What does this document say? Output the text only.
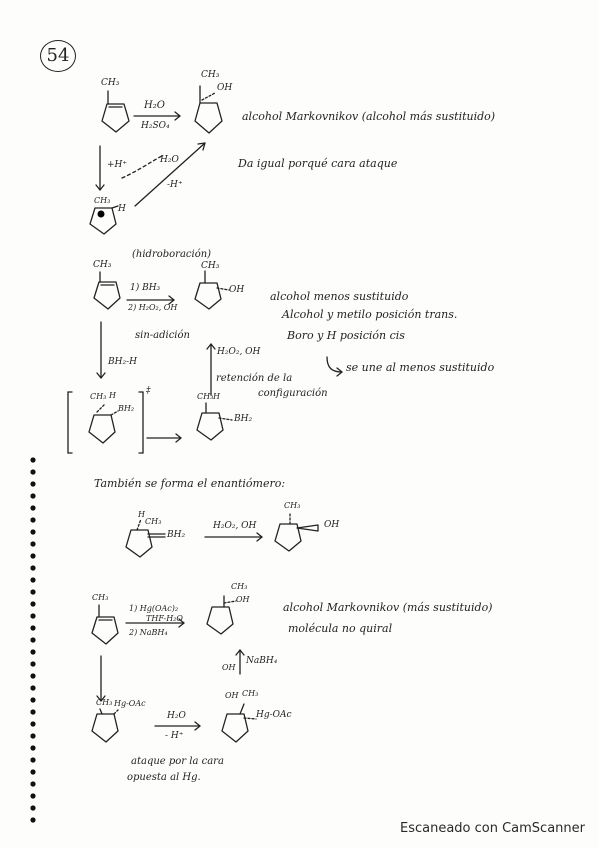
54
CH₃
H₂O
H₂SO₄
CH₃
OH
alcohol Markovnikov (alcohol más sustituido)
+H⁺	H₂O
-H⁺
Da igual porqué cara ataque
CH₃
H
(hidroboración)
CH₃
1) BH₃
2) H₂O₂, OH
CH₃
OH
sin-adición
BH₂-H
H₂O₂, OH
retención de la
configuración
alcohol menos sustituido
Alcohol y metilo posición trans.
Boro y H posición cis
se une al menos sustituido
CH₃ H
BH₂
‡
CH₃ H
BH₂
También se forma el enantiómero:
H
CH₃
BH₂
H₂O₂, OH
CH₃
OH
CH₃
1) Hg(OAc)₂
THF-H₂O
2) NaBH₄
CH₃
OH
alcohol Markovnikov (más sustituido)
molécula no quiral
NaBH₄
OH
CH₃ Hg-OAc
H₂O
- H⁺
OH CH₃
Hg-OAc
ataque por la cara
opuesta al Hg.
Escaneado con CamScanner
